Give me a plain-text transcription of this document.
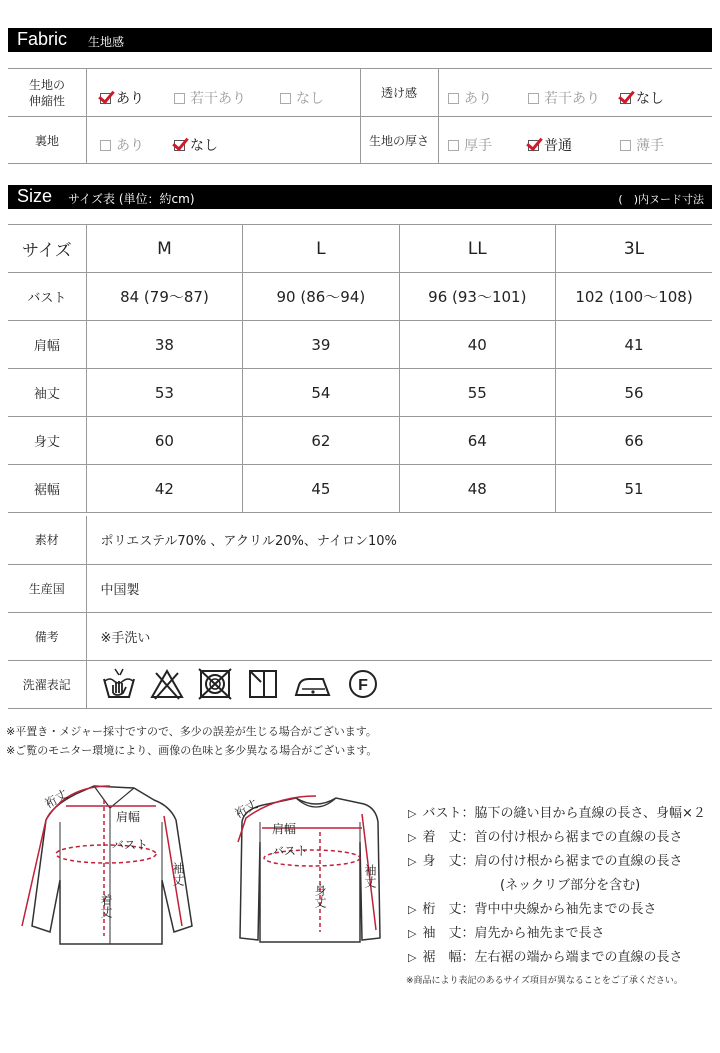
Fabric 生地感
生地の
伸縮性	あり	若干あり	なし	透け感	あり	若干あり	なし
裏地	あり	なし	生地の厚さ	厚手	普通	薄手
Size サイズ表 (単位：約cm)	(　)内ヌード寸法
サイズ	M	L	LL	3L
バスト	84 (79〜87)	90 (86〜94)	96 (93〜101)	102 (100〜108)
肩幅	38	39	40	41
袖丈	53	54	55	56
身丈	60	62	64	66
裾幅	42	45	48	51
素材	ポリエステル70% 、アクリル20%、ナイロン10%
生産国	中国製
備考	※手洗い
洗濯表記	F
※平置き・メジャー採寸ですので、多少の誤差が生じる場合がございます。
※ご覧のモニター環境により、画像の色味と多少異なる場合がございます。
裄丈
肩幅
バスト
袖丈
着丈
裄丈
肩幅
バスト
袖丈
身丈
▷ バスト：脇下の縫い目から直線の長さ、身幅×２
▷ 着　丈：首の付け根から裾までの直線の長さ
▷ 身　丈：肩の付け根から裾までの直線の長さ
(ネックリブ部分を含む)
▷ 桁　丈：背中中央線から袖先までの長さ
▷ 袖　丈：肩先から袖先まで長さ
▷ 裾　幅：左右裾の端から端までの直線の長さ
※商品により表記のあるサイズ項目が異なることをご了承ください。
